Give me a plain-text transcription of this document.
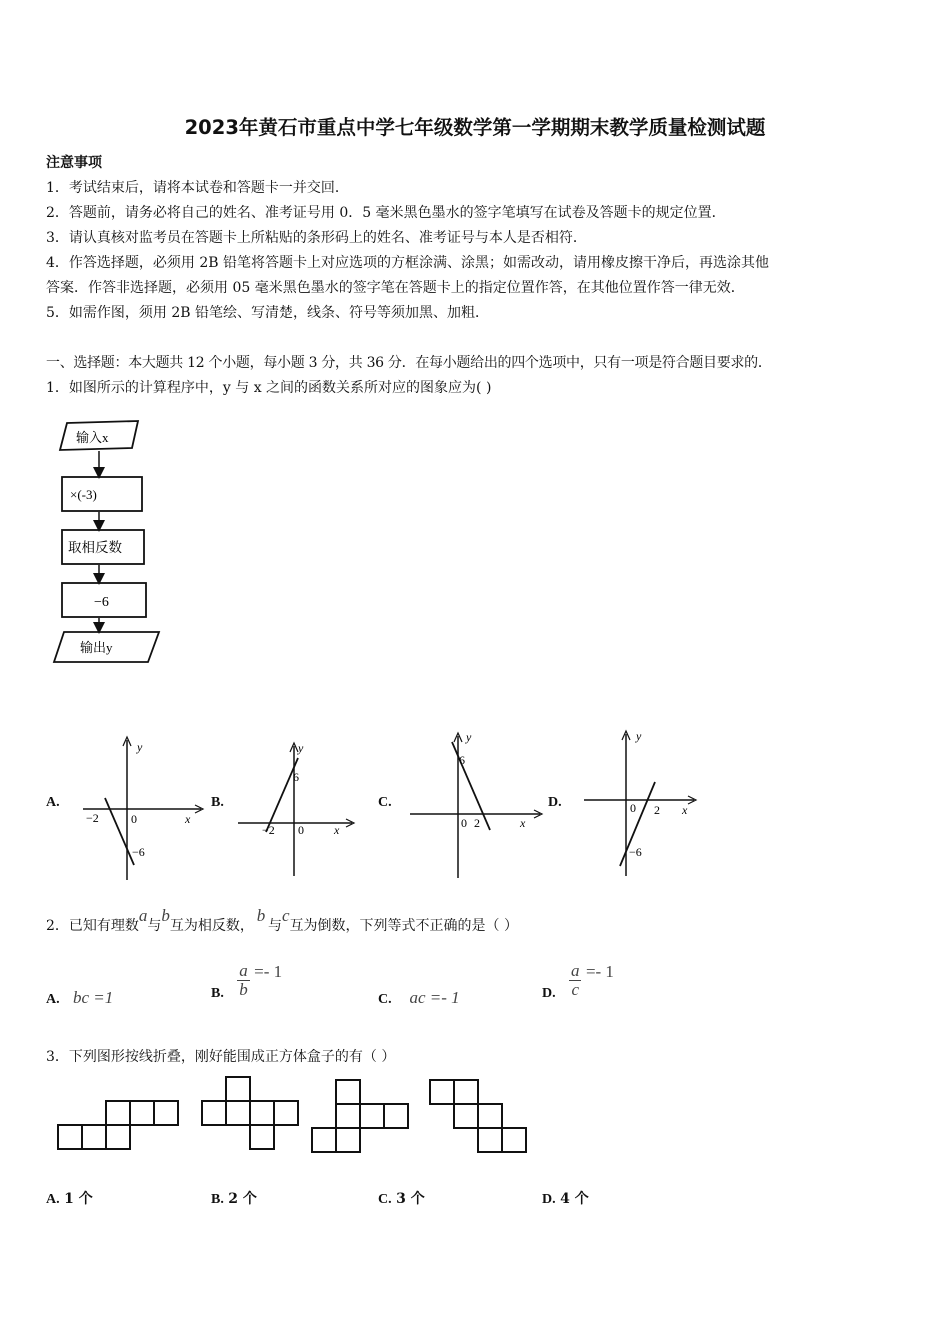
2023年黄石市重点中学七年级数学第一学期期末教学质量检测试题
注意事项
1．考试结束后，请将本试卷和答题卡一并交回．
2．答题前，请务必将自己的姓名、准考证号用 0．5 毫米黑色墨水的签字笔填写在试卷及答题卡的规定位置．
3．请认真核对监考员在答题卡上所粘贴的条形码上的姓名、准考证号与本人是否相符．
4．作答选择题，必须用 2B 铅笔将答题卡上对应选项的方框涂满、涂黑；如需改动，请用橡皮擦干净后，再选涂其他
答案．作答非选择题，必须用 05 毫米黑色墨水的签字笔在答题卡上的指定位置作答，在其他位置作答一律无效．
5．如需作图，须用 2B 铅笔绘、写清楚，线条、符号等须加黑、加粗．
一、选择题：本大题共 12 个小题，每小题 3 分，共 36 分．在每小题给出的四个选项中，只有一项是符合题目要求的．
1．如图所示的计算程序中，y 与 x 之间的函数关系所对应的图象应为( )
输入x
×(-3)
取相反数
−6
输出y
A.
y
−2	0	x
−6
B.
y
6
−2 0	x
C.
y
6
0 2	x
D.
y
0 2 x
−6
2．已知有理数a与b互为相反数， b 与c互为倒数，下列等式不正确的是（ ）
A. bc =1	B. $\frac{a}{b} =- 1$
C. ac =- 1	D. $\frac{a}{c} =- 1$
3．下列图形按线折叠，刚好能围成正方体盒子的有（ ）
A. 1 个	B. 2 个	C. 3 个	D. 4 个
